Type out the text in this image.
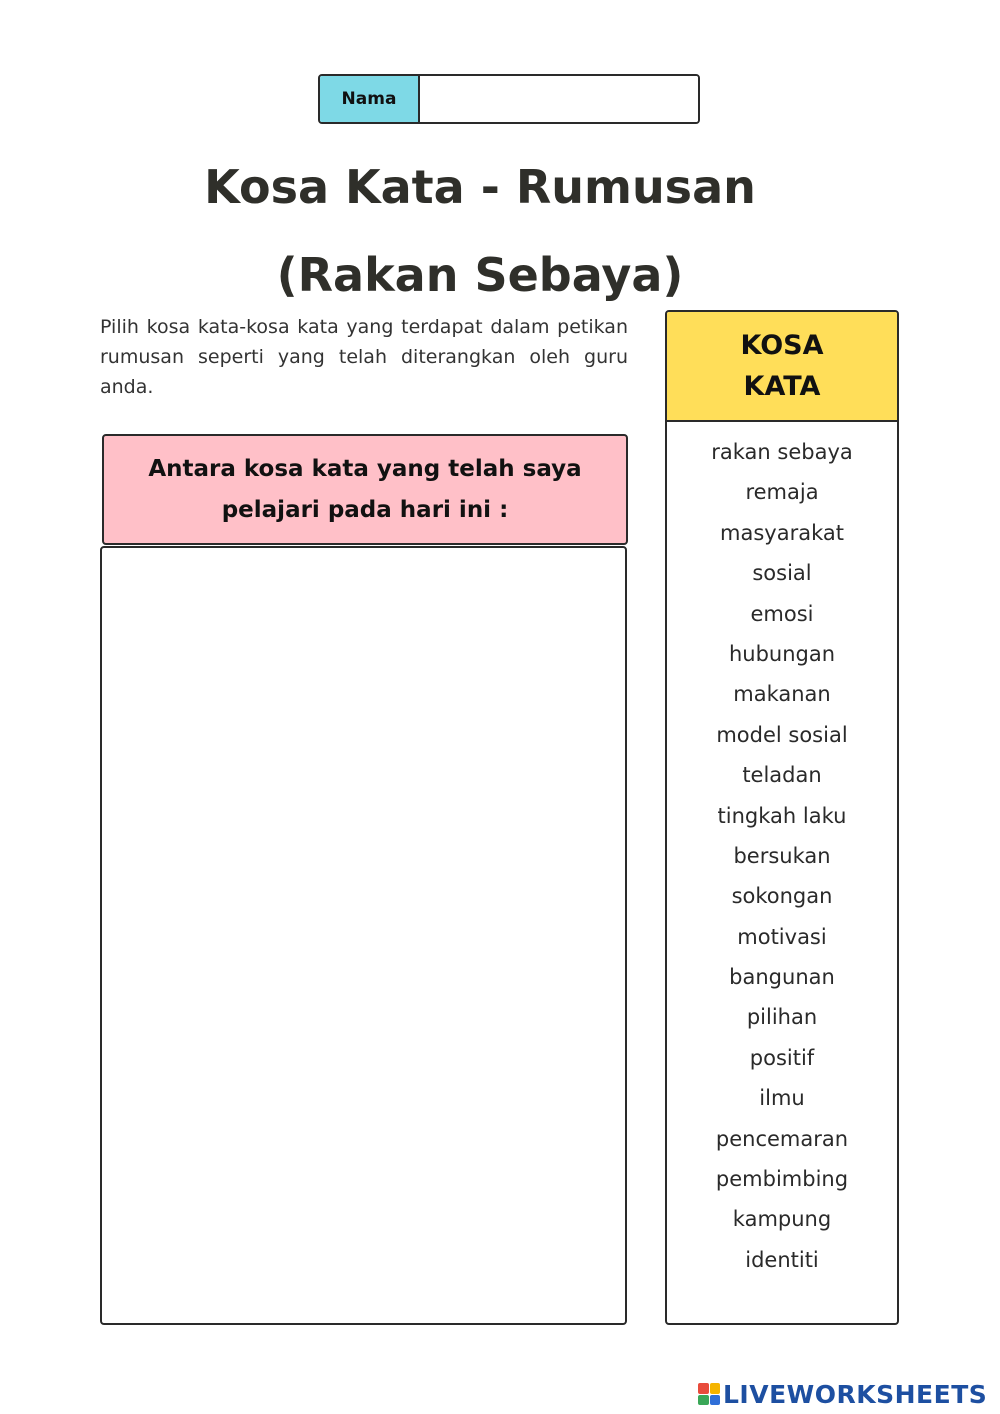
Nama
Kosa Kata - Rumusan
(Rakan Sebaya)

Pilih kosa kata-kosa kata yang terdapat dalam petikan rumusan seperti yang telah diterangkan oleh guru anda.

Antara kosa kata yang telah saya pelajari pada hari ini :
KOSA KATA
rakan sebaya
remaja
masyarakat
sosial
emosi
hubungan
makanan
model sosial
teladan
tingkah laku
bersukan
sokongan
motivasi
bangunan
pilihan
positif
ilmu
pencemaran
pembimbing
kampung
identiti
LIVEWORKSHEETS
